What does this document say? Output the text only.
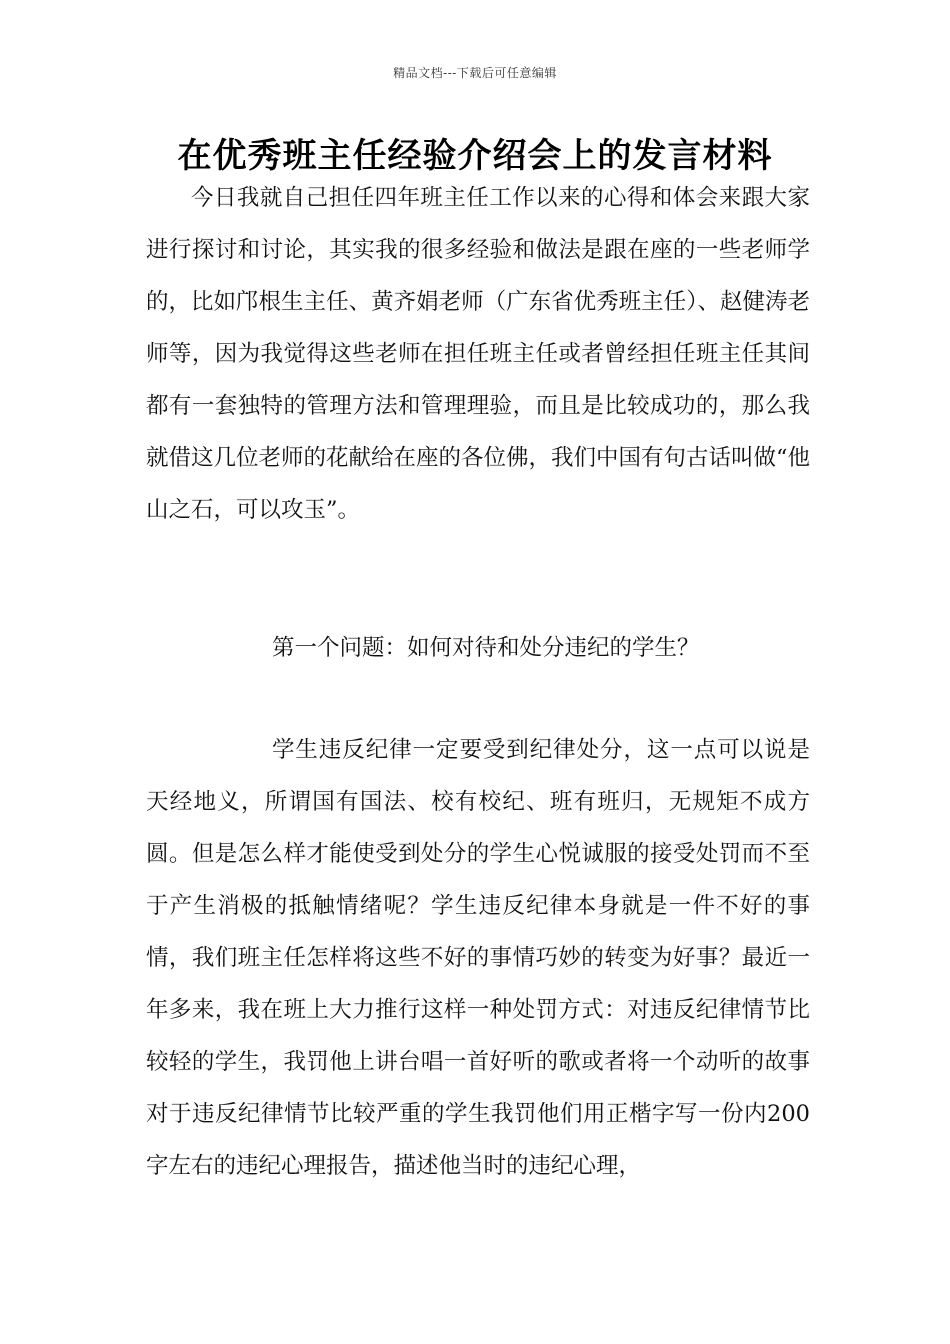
精品文档---下载后可任意编辑
在优秀班主任经验介绍会上的发言材料

今日我就自己担任四年班主任工作以来的心得和体会来跟大家进行探讨和讨论，其实我的很多经验和做法是跟在座的一些老师学的，比如邝根生主任、黄齐娟老师（广东省优秀班主任）、赵健涛老师等，因为我觉得这些老师在担任班主任或者曾经担任班主任其间都有一套独特的管理方法和管理理验，而且是比较成功的，那么我就借这几位老师的花献给在座的各位佛，我们中国有句古话叫做“他山之石，可以攻玉”。

第一个问题：如何对待和处分违纪的学生？

学生违反纪律一定要受到纪律处分，这一点可以说是天经地义，所谓国有国法、校有校纪、班有班归，无规矩不成方圆。但是怎么样才能使受到处分的学生心悦诚服的接受处罚而不至于产生消极的抵触情绪呢？学生违反纪律本身就是一件不好的事情，我们班主任怎样将这些不好的事情巧妙的转变为好事？最近一年多来，我在班上大力推行这样一种处罚方式：对违反纪律情节比较轻的学生，我罚他上讲台唱一首好听的歌或者将一个动听的故事对于违反纪律情节比较严重的学生我罚他们用正楷字写一份内200字左右的违纪心理报告，描述他当时的违纪心理，
